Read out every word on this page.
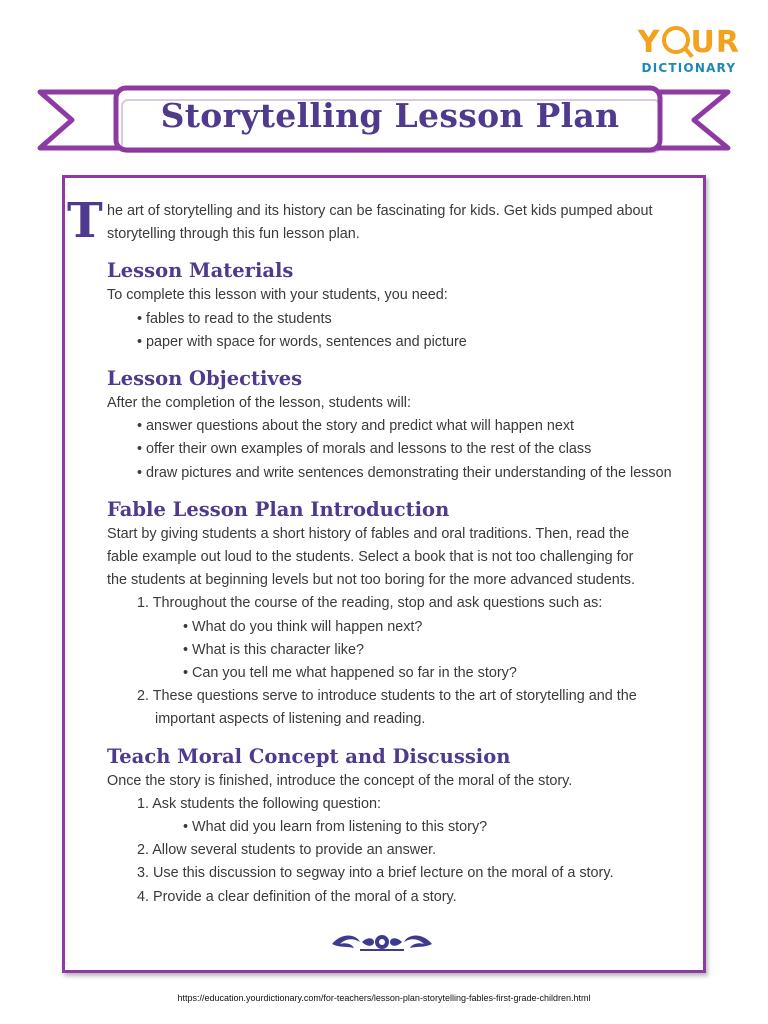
Y UR
DICTIONARY
Storytelling Lesson Plan
T he art of storytelling and its history can be fascinating for kids. Get kids pumped about

storytelling through this fun lesson plan.

Lesson Materials

To complete this lesson with your students, you need:

• fables to read to the students
• paper with space for words, sentences and picture
Lesson Objectives

After the completion of the lesson, students will:

• answer questions about the story and predict what will happen next
• offer their own examples of morals and lessons to the rest of the class
• draw pictures and write sentences demonstrating their understanding of the lesson
Fable Lesson Plan Introduction

Start by giving students a short history of fables and oral traditions. Then, read the

fable example out loud to the students. Select a book that is not too challenging for

the students at beginning levels but not too boring for the more advanced students.

1. Throughout the course of the reading, stop and ask questions such as:

• What do you think will happen next?
• What is this character like?
• Can you tell me what happened so far in the story?

2. These questions serve to introduce students to the art of storytelling and the

important aspects of listening and reading.

Teach Moral Concept and Discussion

Once the story is finished, introduce the concept of the moral of the story.

1. Ask students the following question:

• What did you learn from listening to this story?

2. Allow several students to provide an answer.

3. Use this discussion to segway into a brief lecture on the moral of a story.

4. Provide a clear definition of the moral of a story.

https://education.yourdictionary.com/for-teachers/lesson-plan-storytelling-fables-first-grade-children.html
